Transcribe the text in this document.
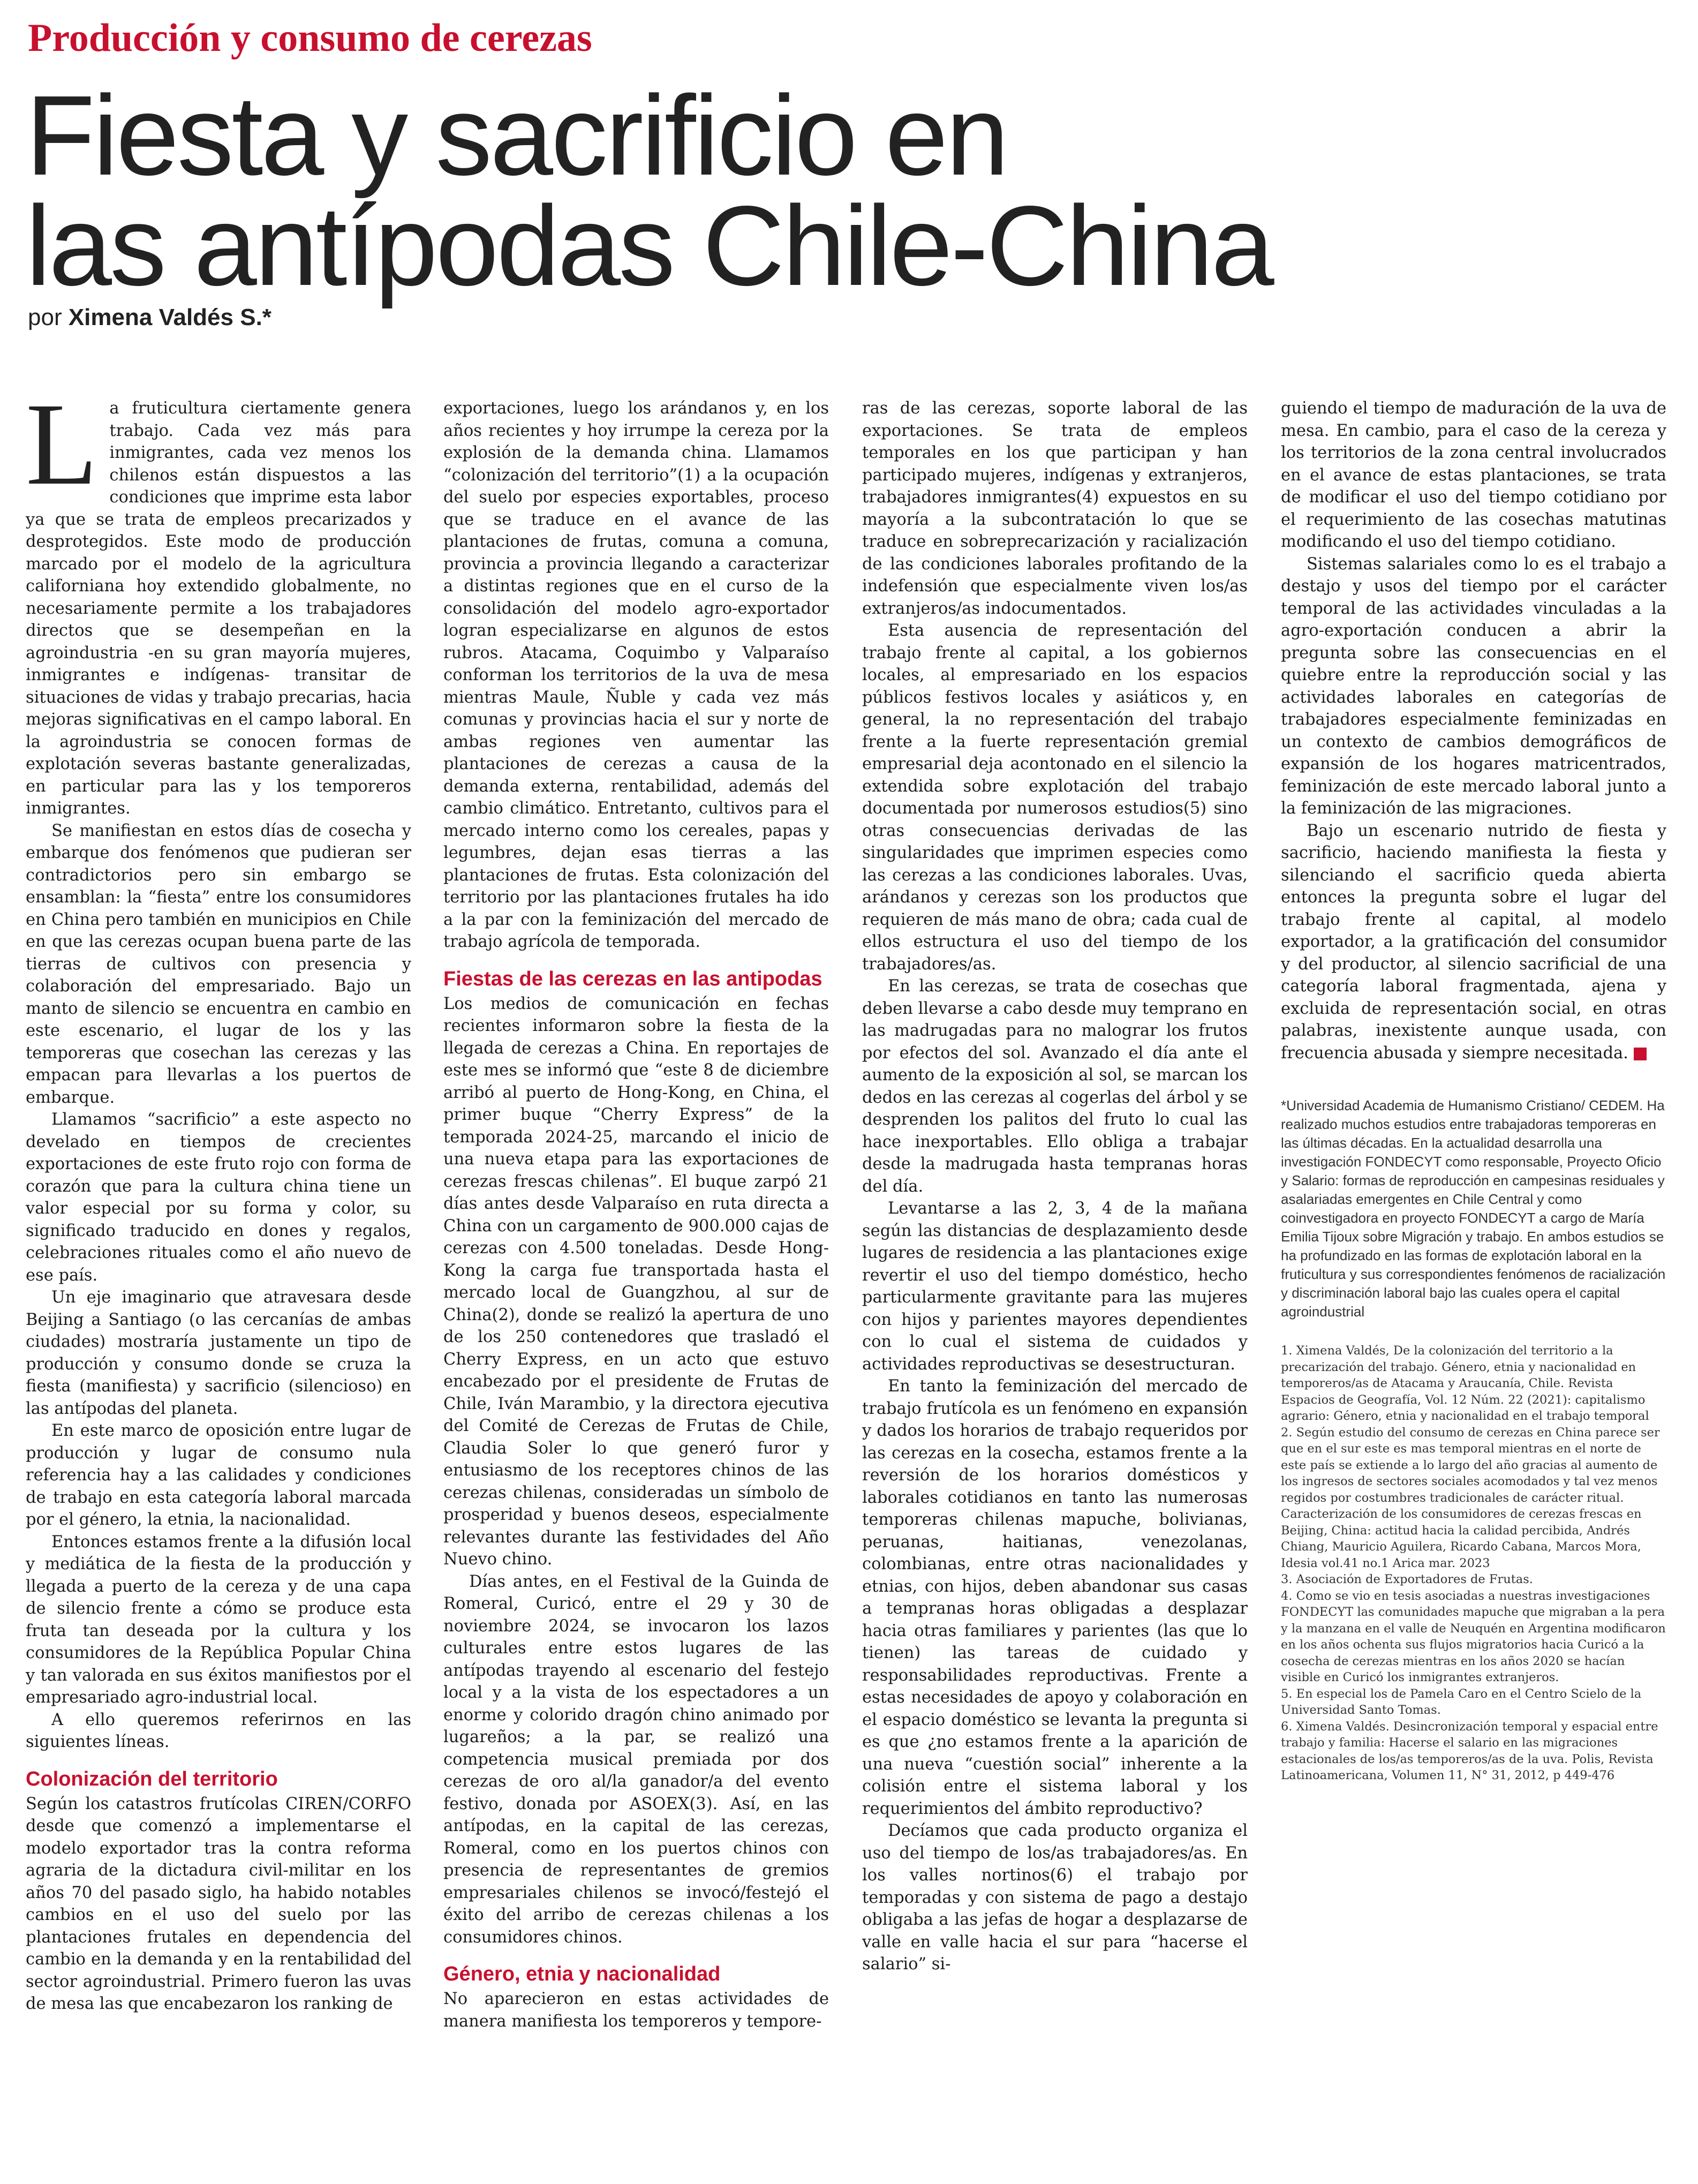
Producción y consumo de cerezas
Fiesta y sacrificio en
las antípodas Chile-China
por Ximena Valdés S.*

La fruticultura ciertamente genera trabajo. Cada vez más para inmigrantes, cada vez menos los chilenos están dispuestos a las condiciones que imprime esta labor ya que se trata de empleos precarizados y desprotegidos. Este modo de producción marcado por el modelo de la agricultura californiana hoy extendido globalmente, no necesariamente permite a los trabajadores directos que se desempeñan en la agroindustria -en su gran mayoría mujeres, inmigrantes e indígenas- transitar de situaciones de vidas y trabajo precarias, hacia mejoras significativas en el campo laboral. En la agroindustria se conocen formas de explotación severas bastante generalizadas, en particular para las y los temporeros inmigrantes.

Se manifiestan en estos días de cosecha y embarque dos fenómenos que pudieran ser contradictorios pero sin embargo se ensamblan: la “fiesta” entre los consumidores en China pero también en municipios en Chile en que las cerezas ocupan buena parte de las tierras de cultivos con presencia y colaboración del empresariado. Bajo un manto de silencio se encuentra en cambio en este escenario, el lugar de los y las temporeras que cosechan las cerezas y las empacan para llevarlas a los puertos de embarque.

Llamamos “sacrificio” a este aspecto no develado en tiempos de crecientes exportaciones de este fruto rojo con forma de corazón que para la cultura china tiene un valor especial por su forma y color, su significado traducido en dones y regalos, celebraciones rituales como el año nuevo de ese país.

Un eje imaginario que atravesara desde Beijing a Santiago (o las cercanías de ambas ciudades) mostraría justamente un tipo de producción y consumo donde se cruza la fiesta (manifiesta) y sacrificio (silencioso) en las antípodas del planeta.

En este marco de oposición entre lugar de producción y lugar de consumo nula referencia hay a las calidades y condiciones de trabajo en esta categoría laboral marcada por el género, la etnia, la nacionalidad.

Entonces estamos frente a la difusión local y mediática de la fiesta de la producción y llegada a puerto de la cereza y de una capa de silencio frente a cómo se produce esta fruta tan deseada por la cultura y los consumidores de la República Popular China y tan valorada en sus éxitos manifiestos por el empresariado agro-industrial local.

A ello queremos referirnos en las siguientes líneas.

Colonización del territorio

Según los catastros frutícolas CIREN/CORFO desde que comenzó a implementarse el modelo exportador tras la contra reforma agraria de la dictadura civil-militar en los años 70 del pasado siglo, ha habido notables cambios en el uso del suelo por las plantaciones frutales en dependencia del cambio en la demanda y en la rentabilidad del sector agroindustrial. Primero fueron las uvas de mesa las que encabezaron los ranking de

exportaciones, luego los arándanos y, en los años recientes y hoy irrumpe la cereza por la explosión de la demanda china. Llamamos “colonización del territorio”(1) a la ocupación del suelo por especies exportables, proceso que se traduce en el avance de las plantaciones de frutas, comuna a comuna, provincia a provincia llegando a caracterizar a distintas regiones que en el curso de la consolidación del modelo agro-exportador logran especializarse en algunos de estos rubros. Atacama, Coquimbo y Valparaíso conforman los territorios de la uva de mesa mientras Maule, Ñuble y cada vez más comunas y provincias hacia el sur y norte de ambas regiones ven aumentar las plantaciones de cerezas a causa de la demanda externa, rentabilidad, además del cambio climático. Entretanto, cultivos para el mercado interno como los cereales, papas y legumbres, dejan esas tierras a las plantaciones de frutas. Esta colonización del territorio por las plantaciones frutales ha ido a la par con la feminización del mercado de trabajo agrícola de temporada.

Fiestas de las cerezas en las antipodas

Los medios de comunicación en fechas recientes informaron sobre la fiesta de la llegada de cerezas a China. En reportajes de este mes se informó que “este 8 de diciembre arribó al puerto de Hong-Kong, en China, el primer buque “Cherry Express” de la temporada 2024-25, marcando el inicio de una nueva etapa para las exportaciones de cerezas frescas chilenas”. El buque zarpó 21 días antes desde Valparaíso en ruta directa a China con un cargamento de 900.000 cajas de cerezas con 4.500 toneladas. Desde Hong-Kong la carga fue transportada hasta el mercado local de Guangzhou, al sur de China(2), donde se realizó la apertura de uno de los 250 contenedores que trasladó el Cherry Express, en un acto que estuvo encabezado por el presidente de Frutas de Chile, Iván Marambio, y la directora ejecutiva del Comité de Cerezas de Frutas de Chile, Claudia Soler lo que generó furor y entusiasmo de los receptores chinos de las cerezas chilenas, consideradas un símbolo de prosperidad y buenos deseos, especialmente relevantes durante las festividades del Año Nuevo chino.

Días antes, en el Festival de la Guinda de Romeral, Curicó, entre el 29 y 30 de noviembre 2024, se invocaron los lazos culturales entre estos lugares de las antípodas trayendo al escenario del festejo local y a la vista de los espectadores a un enorme y colorido dragón chino animado por lugareños; a la par, se realizó una competencia musical premiada por dos cerezas de oro al/la ganador/a del evento festivo, donada por ASOEX(3). Así, en las antípodas, en la capital de las cerezas, Romeral, como en los puertos chinos con presencia de representantes de gremios empresariales chilenos se invocó/festejó el éxito del arribo de cerezas chilenas a los consumidores chinos.

Género, etnia y nacionalidad

No aparecieron en estas actividades de manera manifiesta los temporeros y tempore-

ras de las cerezas, soporte laboral de las exportaciones. Se trata de empleos temporales en los que participan y han participado mujeres, indígenas y extranjeros, trabajadores inmigrantes(4) expuestos en su mayoría a la subcontratación lo que se traduce en sobreprecarización y racialización de las condiciones laborales profitando de la indefensión que especialmente viven los/as extranjeros/as indocumentados.

Esta ausencia de representación del trabajo frente al capital, a los gobiernos locales, al empresariado en los espacios públicos festivos locales y asiáticos y, en general, la no representación del trabajo frente a la fuerte representación gremial empresarial deja acontonado en el silencio la extendida sobre explotación del trabajo documentada por numerosos estudios(5) sino otras consecuencias derivadas de las singularidades que imprimen especies como las cerezas a las condiciones laborales. Uvas, arándanos y cerezas son los productos que requieren de más mano de obra; cada cual de ellos estructura el uso del tiempo de los trabajadores/as.

En las cerezas, se trata de cosechas que deben llevarse a cabo desde muy temprano en las madrugadas para no malograr los frutos por efectos del sol. Avanzado el día ante el aumento de la exposición al sol, se marcan los dedos en las cerezas al cogerlas del árbol y se desprenden los palitos del fruto lo cual las hace inexportables. Ello obliga a trabajar desde la madrugada hasta tempranas horas del día.

Levantarse a las 2, 3, 4 de la mañana según las distancias de desplazamiento desde lugares de residencia a las plantaciones exige revertir el uso del tiempo doméstico, hecho particularmente gravitante para las mujeres con hijos y parientes mayores dependientes con lo cual el sistema de cuidados y actividades reproductivas se desestructuran.

En tanto la feminización del mercado de trabajo frutícola es un fenómeno en expansión y dados los horarios de trabajo requeridos por las cerezas en la cosecha, estamos frente a la reversión de los horarios domésticos y laborales cotidianos en tanto las numerosas temporeras chilenas mapuche, bolivianas, peruanas, haitianas, venezolanas, colombianas, entre otras nacionalidades y etnias, con hijos, deben abandonar sus casas a tempranas horas obligadas a desplazar hacia otras familiares y parientes (las que lo tienen) las tareas de cuidado y responsabilidades reproductivas. Frente a estas necesidades de apoyo y colaboración en el espacio doméstico se levanta la pregunta si es que ¿no estamos frente a la aparición de una nueva “cuestión social” inherente a la colisión entre el sistema laboral y los requerimientos del ámbito reproductivo?

Decíamos que cada producto organiza el uso del tiempo de los/as trabajadores/as. En los valles nortinos(6) el trabajo por temporadas y con sistema de pago a destajo obligaba a las jefas de hogar a desplazarse de valle en valle hacia el sur para “hacerse el salario” si-

guiendo el tiempo de maduración de la uva de mesa. En cambio, para el caso de la cereza y los territorios de la zona central involucrados en el avance de estas plantaciones, se trata de modificar el uso del tiempo cotidiano por el requerimiento de las cosechas matutinas modificando el uso del tiempo cotidiano.

Sistemas salariales como lo es el trabajo a destajo y usos del tiempo por el carácter temporal de las actividades vinculadas a la agro-exportación conducen a abrir la pregunta sobre las consecuencias en el quiebre entre la reproducción social y las actividades laborales en categorías de trabajadores especialmente feminizadas en un contexto de cambios demográficos de expansión de los hogares matricentrados, feminización de este mercado laboral junto a la feminización de las migraciones.

Bajo un escenario nutrido de fiesta y sacrificio, haciendo manifiesta la fiesta y silenciando el sacrificio queda abierta entonces la pregunta sobre el lugar del trabajo frente al capital, al modelo exportador, a la gratificación del consumidor y del productor, al silencio sacrificial de una categoría laboral fragmentada, ajena y excluida de representación social, en otras palabras, inexistente aunque usada, con frecuencia abusada y siempre necesitada.

*Universidad Academia de Humanismo Cristiano/ CEDEM. Ha realizado muchos estudios entre trabajadoras temporeras en las últimas décadas. En la actualidad desarrolla una investigación FONDECYT como responsable, Proyecto Oficio y Salario: formas de reproducción en campesinas residuales y asalariadas emergentes en Chile Central y como coinvestigadora en proyecto FONDECYT a cargo de María Emilia Tijoux sobre Migración y trabajo. En ambos estudios se ha profundizado en las formas de explotación laboral en la fruticultura y sus correspondientes fenómenos de racialización y discriminación laboral bajo las cuales opera el capital agroindustrial

1. Ximena Valdés, De la colonización del territorio a la precarización del trabajo. Género, etnia y nacionalidad en temporeros/as de Atacama y Araucanía, Chile. Revista Espacios de Geografía, Vol. 12 Núm. 22 (2021): capitalismo agrario: Género, etnia y nacionalidad en el trabajo temporal

2. Según estudio del consumo de cerezas en China parece ser que en el sur este es mas temporal mientras en el norte de este país se extiende a lo largo del año gracias al aumento de los ingresos de sectores sociales acomodados y tal vez menos regidos por costumbres tradicionales de carácter ritual. Caracterización de los consumidores de cerezas frescas en Beijing, China: actitud hacia la calidad percibida, Andrés Chiang, Mauricio Aguilera, Ricardo Cabana, Marcos Mora, Idesia vol.41 no.1 Arica mar. 2023

3. Asociación de Exportadores de Frutas.

4. Como se vio en tesis asociadas a nuestras investigaciones FONDECYT las comunidades mapuche que migraban a la pera y la manzana en el valle de Neuquén en Argentina modificaron en los años ochenta sus flujos migratorios hacia Curicó a la cosecha de cerezas mientras en los años 2020 se hacían visible en Curicó los inmigrantes extranjeros.

5. En especial los de Pamela Caro en el Centro Scielo de la Universidad Santo Tomas.

6. Ximena Valdés. Desincronización temporal y espacial entre trabajo y familia: Hacerse el salario en las migraciones estacionales de los/as temporeros/as de la uva. Polis, Revista Latinoamericana, Volumen 11, N° 31, 2012, p 449-476
